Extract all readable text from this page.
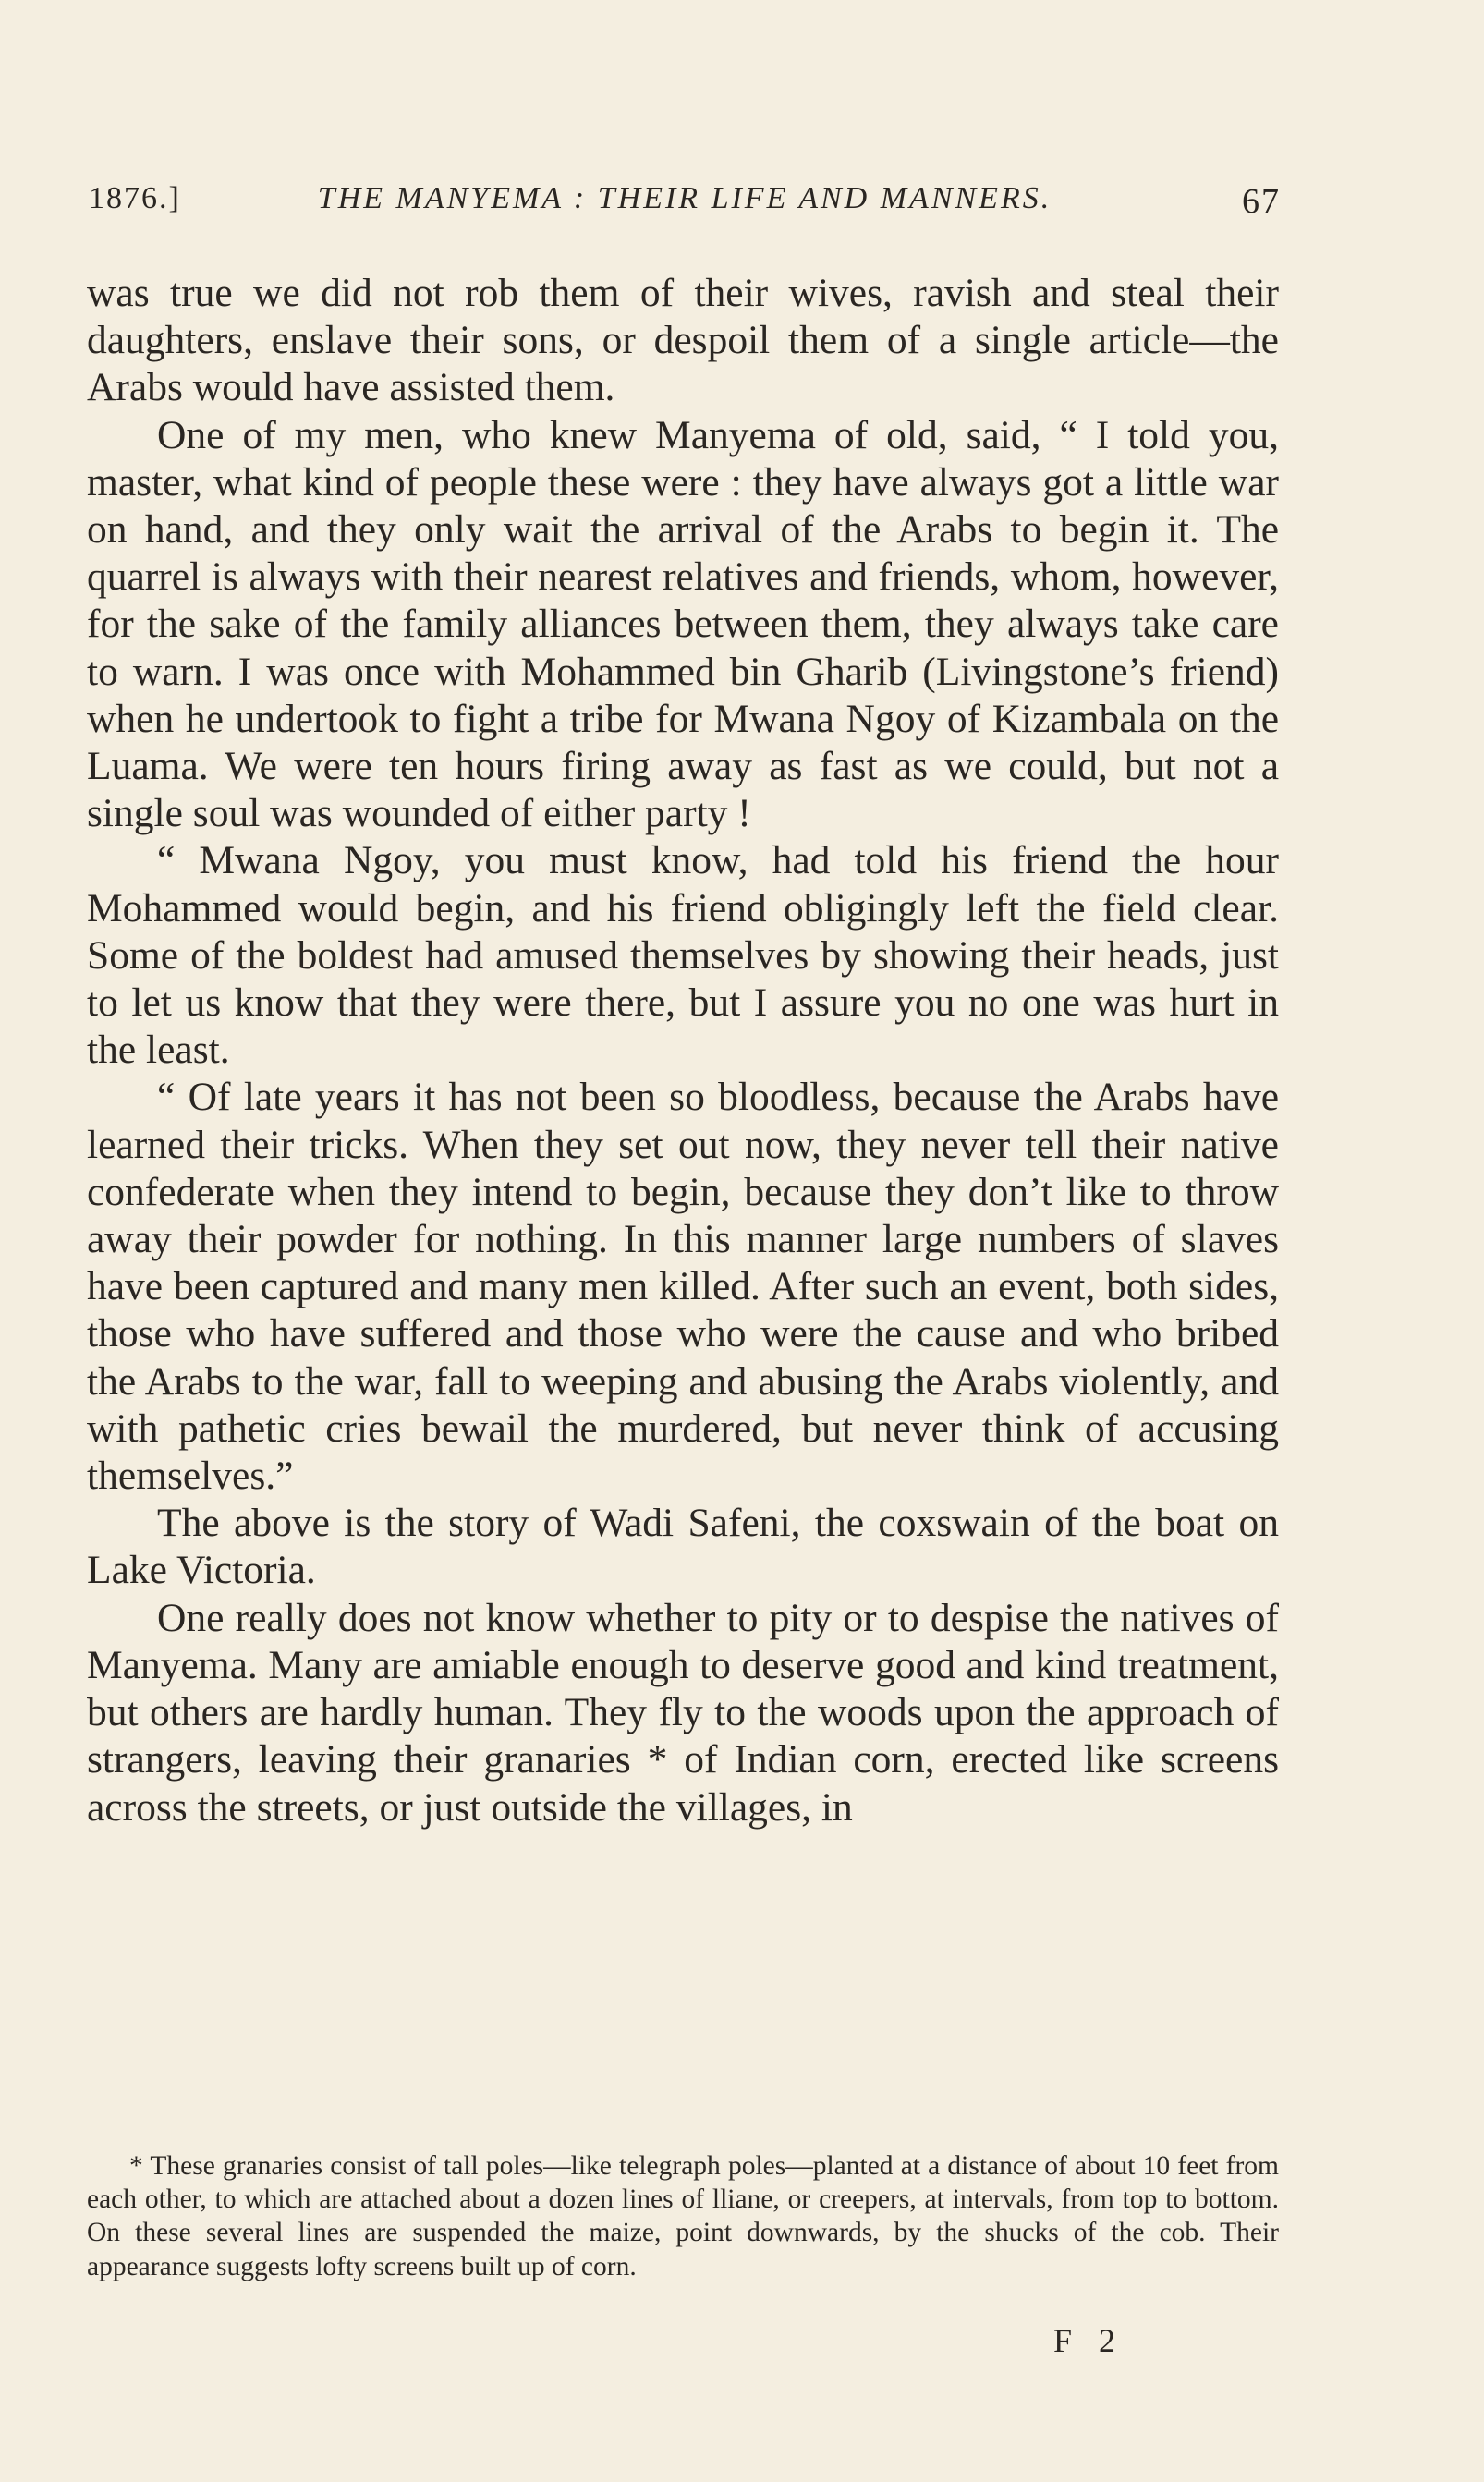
1876.]	THE MANYEMA : THEIR LIFE AND MANNERS.	67

was true we did not rob them of their wives, ravish and steal their daughters, enslave their sons, or despoil them of a single article—the Arabs would have assisted them.

One of my men, who knew Manyema of old, said, “ I told you, master, what kind of people these were : they have always got a little war on hand, and they only wait the arrival of the Arabs to begin it. The quarrel is always with their nearest relatives and friends, whom, however, for the sake of the family alliances between them, they always take care to warn. I was once with Mohammed bin Gharib (Livingstone’s friend) when he undertook to fight a tribe for Mwana Ngoy of Kizambala on the Luama. We were ten hours firing away as fast as we could, but not a single soul was wounded of either party !

“ Mwana Ngoy, you must know, had told his friend the hour Mohammed would begin, and his friend obligingly left the field clear. Some of the boldest had amused themselves by showing their heads, just to let us know that they were there, but I assure you no one was hurt in the least.

“ Of late years it has not been so bloodless, because the Arabs have learned their tricks. When they set out now, they never tell their native confederate when they intend to begin, because they don’t like to throw away their powder for nothing. In this manner large numbers of slaves have been captured and many men killed. After such an event, both sides, those who have suffered and those who were the cause and who bribed the Arabs to the war, fall to weeping and abusing the Arabs violently, and with pathetic cries bewail the murdered, but never think of accusing themselves.”

The above is the story of Wadi Safeni, the coxswain of the boat on Lake Victoria.

One really does not know whether to pity or to despise the natives of Manyema. Many are amiable enough to deserve good and kind treatment, but others are hardly human. They fly to the woods upon the approach of strangers, leaving their granaries * of Indian corn, erected like screens across the streets, or just outside the villages, in

* These granaries consist of tall poles—like telegraph poles—planted at a distance of about 10 feet from each other, to which are attached about a dozen lines of lliane, or creepers, at intervals, from top to bottom. On these several lines are suspended the maize, point downwards, by the shucks of the cob. Their appearance suggests lofty screens built up of corn.

F 2
